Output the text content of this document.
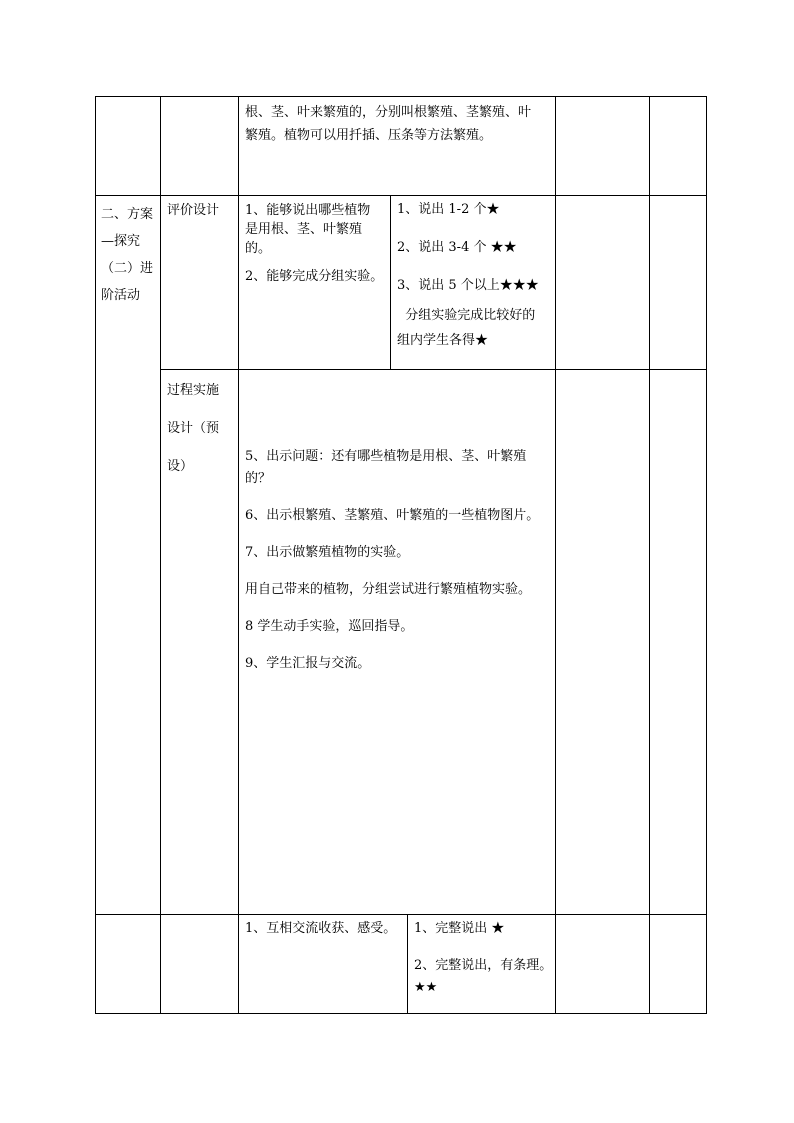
根、茎、叶来繁殖的，分别叫根繁殖、茎繁殖、叶

繁殖。植物可以用扦插、压条等方法繁殖。

二、方案

—探究

（二）进

阶活动

评价设计	1、能够说出哪些植物

是用根、茎、叶繁殖的。

2、能够完成分组实验。

1、说出 1-2 个★

2、说出 3-4 个 ★★

3、说出 5 个以上★★★

分组实验完成比较好的

组内学生各得★

过程实施

设计（预

设）

5、出示问题：还有哪些植物是用根、茎、叶繁殖

的？

6、出示根繁殖、茎繁殖、叶繁殖的一些植物图片。

7、出示做繁殖植物的实验。

用自己带来的植物，分组尝试进行繁殖植物实验。

8 学生动手实验，巡回指导。

9、学生汇报与交流。

1、互相交流收获、感受。	1、完整说出 ★

2、完整说出，有条理。

★★
